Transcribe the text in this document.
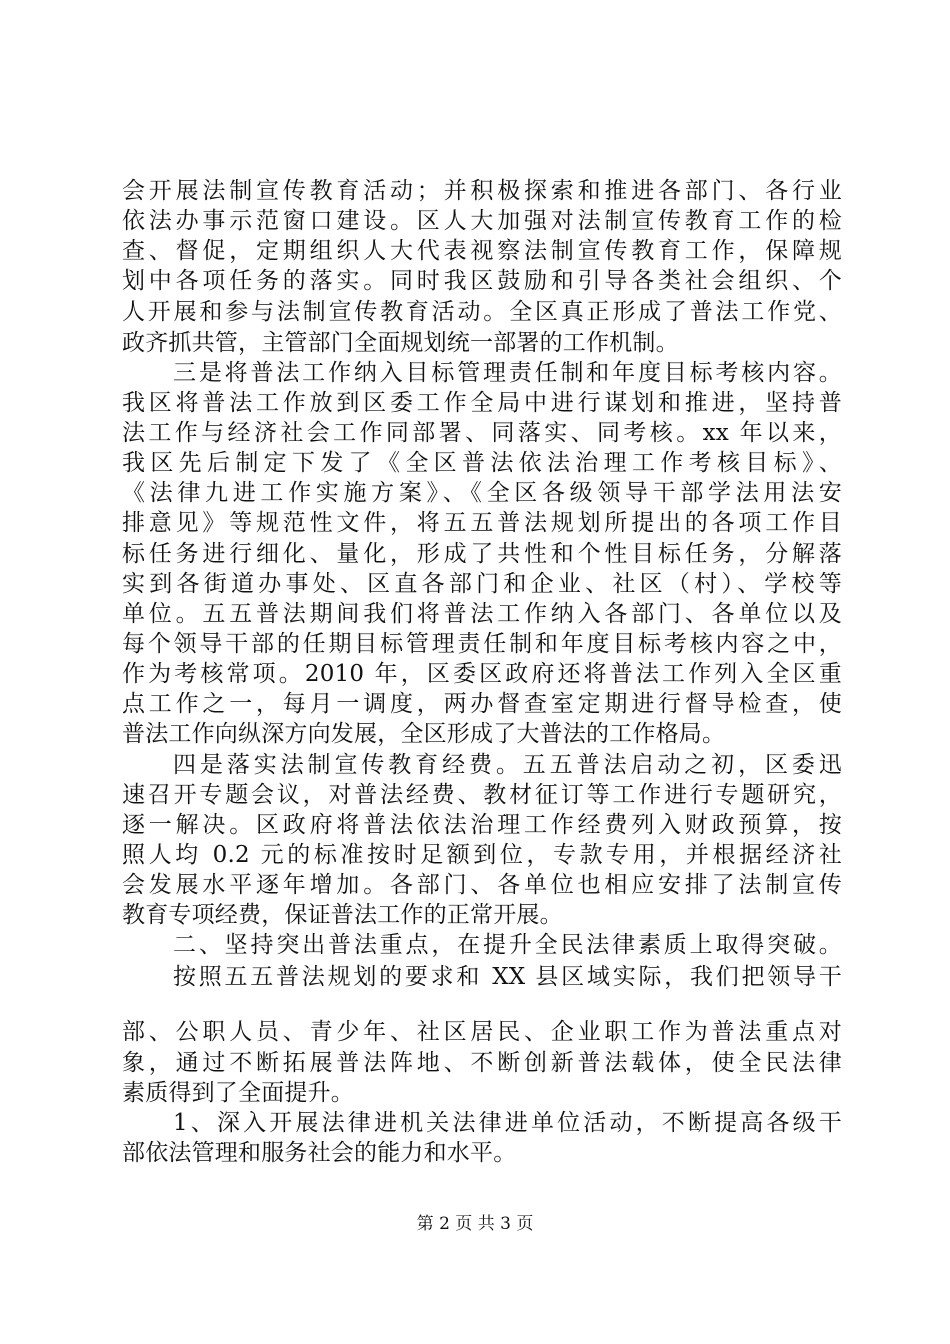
会开展法制宣传教育活动；并积极探索和推进各部门、各行业
依法办事示范窗口建设。区人大加强对法制宣传教育工作的检
查、督促，定期组织人大代表视察法制宣传教育工作，保障规
划中各项任务的落实。同时我区鼓励和引导各类社会组织、个
人开展和参与法制宣传教育活动。全区真正形成了普法工作党、
政齐抓共管，主管部门全面规划统一部署的工作机制。
三是将普法工作纳入目标管理责任制和年度目标考核内容。
我区将普法工作放到区委工作全局中进行谋划和推进，坚持普
法工作与经济社会工作同部署、同落实、同考核。xx 年以来，
我区先后制定下发了《全区普法依法治理工作考核目标》、
《法律九进工作实施方案》、《全区各级领导干部学法用法安
排意见》等规范性文件，将五五普法规划所提出的各项工作目
标任务进行细化、量化，形成了共性和个性目标任务，分解落
实到各街道办事处、区直各部门和企业、社区（村）、学校等
单位。五五普法期间我们将普法工作纳入各部门、各单位以及
每个领导干部的任期目标管理责任制和年度目标考核内容之中，
作为考核常项。2010 年，区委区政府还将普法工作列入全区重
点工作之一，每月一调度，两办督查室定期进行督导检查，使
普法工作向纵深方向发展，全区形成了大普法的工作格局。
四是落实法制宣传教育经费。五五普法启动之初，区委迅
速召开专题会议，对普法经费、教材征订等工作进行专题研究，
逐一解决。区政府将普法依法治理工作经费列入财政预算，按
照人均 0.2 元的标准按时足额到位，专款专用，并根据经济社
会发展水平逐年增加。各部门、各单位也相应安排了法制宣传
教育专项经费，保证普法工作的正常开展。
二、坚持突出普法重点，在提升全民法律素质上取得突破。
按照五五普法规划的要求和 XX 县区域实际，我们把领导干
部、公职人员、青少年、社区居民、企业职工作为普法重点对
象，通过不断拓展普法阵地、不断创新普法载体，使全民法律
素质得到了全面提升。
1、深入开展法律进机关法律进单位活动，不断提高各级干
部依法管理和服务社会的能力和水平。
第 2 页 共 3 页
